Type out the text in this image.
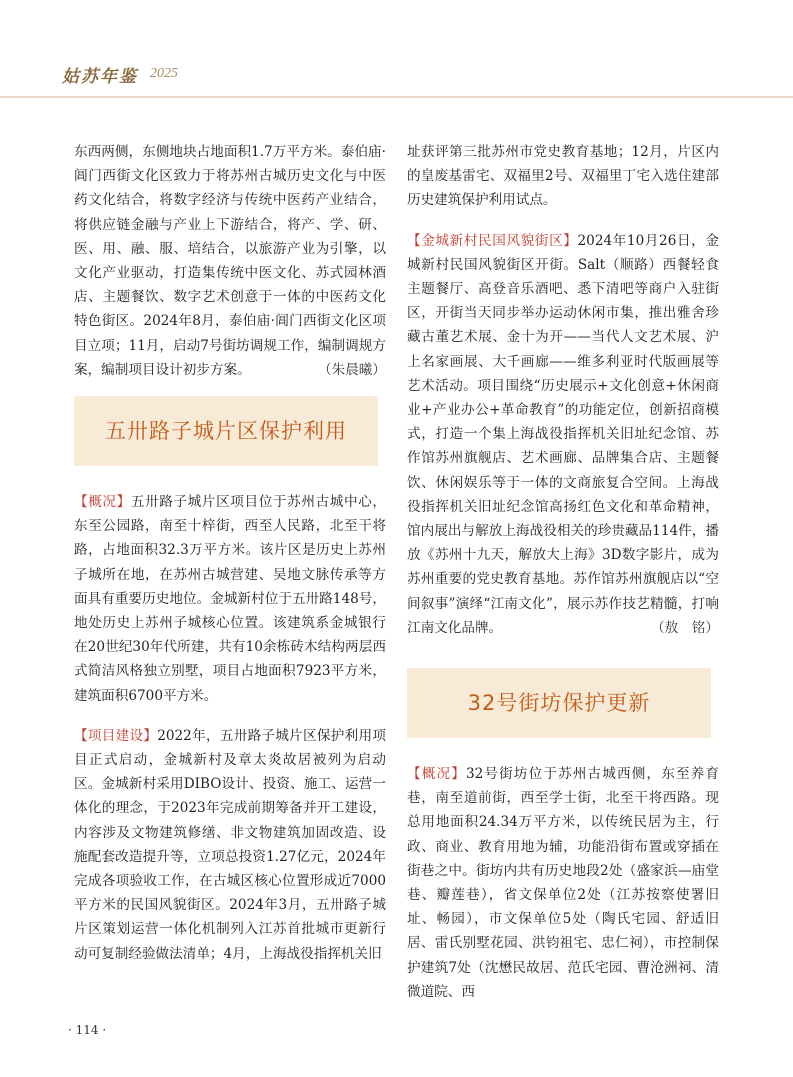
姑苏年鉴 2025

东西两侧，东侧地块占地面积1.7万平方米。泰伯庙·阊门西街文化区致力于将苏州古城历史文化与中医药文化结合，将数字经济与传统中医药产业结合，将供应链金融与产业上下游结合，将产、学、研、医、用、融、服、培结合，以旅游产业为引擎，以文化产业驱动，打造集传统中医文化、苏式园林酒店、主题餐饮、数字艺术创意于一体的中医药文化特色街区。2024年8月，泰伯庙·阊门西街文化区项目立项；11月，启动7号街坊调规工作，编制调规方案，编制项目设计初步方案。	（朱晨曦）

五卅路子城片区保护利用

【概况】五卅路子城片区项目位于苏州古城中心，东至公园路，南至十梓街，西至人民路，北至干将路，占地面积32.3万平方米。该片区是历史上苏州子城所在地，在苏州古城营建、吴地文脉传承等方面具有重要历史地位。金城新村位于五卅路148号，地处历史上苏州子城核心位置。该建筑系金城银行在20世纪30年代所建，共有10余栋砖木结构两层西式简洁风格独立别墅，项目占地面积7923平方米，建筑面积6700平方米。

【项目建设】2022年，五卅路子城片区保护利用项目正式启动，金城新村及章太炎故居被列为启动区。金城新村采用DIBO设计、投资、施工、运营一体化的理念，于2023年完成前期筹备并开工建设，内容涉及文物建筑修缮、非文物建筑加固改造、设施配套改造提升等，立项总投资1.27亿元，2024年完成各项验收工作，在古城区核心位置形成近7000平方米的民国风貌街区。2024年3月，五卅路子城片区策划运营一体化机制列入江苏首批城市更新行动可复制经验做法清单；4月，上海战役指挥机关旧

址获评第三批苏州市党史教育基地；12月，片区内的皇废基雷宅、双福里2号、双福里丁宅入选住建部历史建筑保护利用试点。

【金城新村民国风貌街区】2024年10月26日，金城新村民国风貌街区开街。Salt（顺路）西餐轻食主题餐厅、高登音乐酒吧、悉下清吧等商户入驻街区，开街当天同步举办运动休闲市集，推出雅舍珍藏古董艺术展、金十为开——当代人文艺术展、沪上名家画展、大千画廊——维多利亚时代版画展等艺术活动。项目围绕“历史展示+文化创意+休闲商业+产业办公+革命教育”的功能定位，创新招商模式，打造一个集上海战役指挥机关旧址纪念馆、苏作馆苏州旗舰店、艺术画廊、品牌集合店、主题餐饮、休闲娱乐等于一体的文商旅复合空间。上海战役指挥机关旧址纪念馆高扬红色文化和革命精神，馆内展出与解放上海战役相关的珍贵藏品114件，播放《苏州十九天，解放大上海》3D数字影片，成为苏州重要的党史教育基地。苏作馆苏州旗舰店以“空间叙事”演绎“江南文化”，展示苏作技艺精髓，打响江南文化品牌。	（敖　铭）

32号街坊保护更新

【概况】32号街坊位于苏州古城西侧，东至养育巷，南至道前街，西至学士街，北至干将西路。现总用地面积24.34万平方米，以传统民居为主，行政、商业、教育用地为辅，功能沿街布置或穿插在街巷之中。街坊内共有历史地段2处（盛家浜—庙堂巷、瓣莲巷），省文保单位2处（江苏按察使署旧址、畅园），市文保单位5处（陶氏宅园、舒适旧居、雷氏别墅花园、洪钧祖宅、忠仁祠），市控制保护建筑7处（沈懋民故居、范氏宅园、曹沧洲祠、清微道院、西

· 114 ·
